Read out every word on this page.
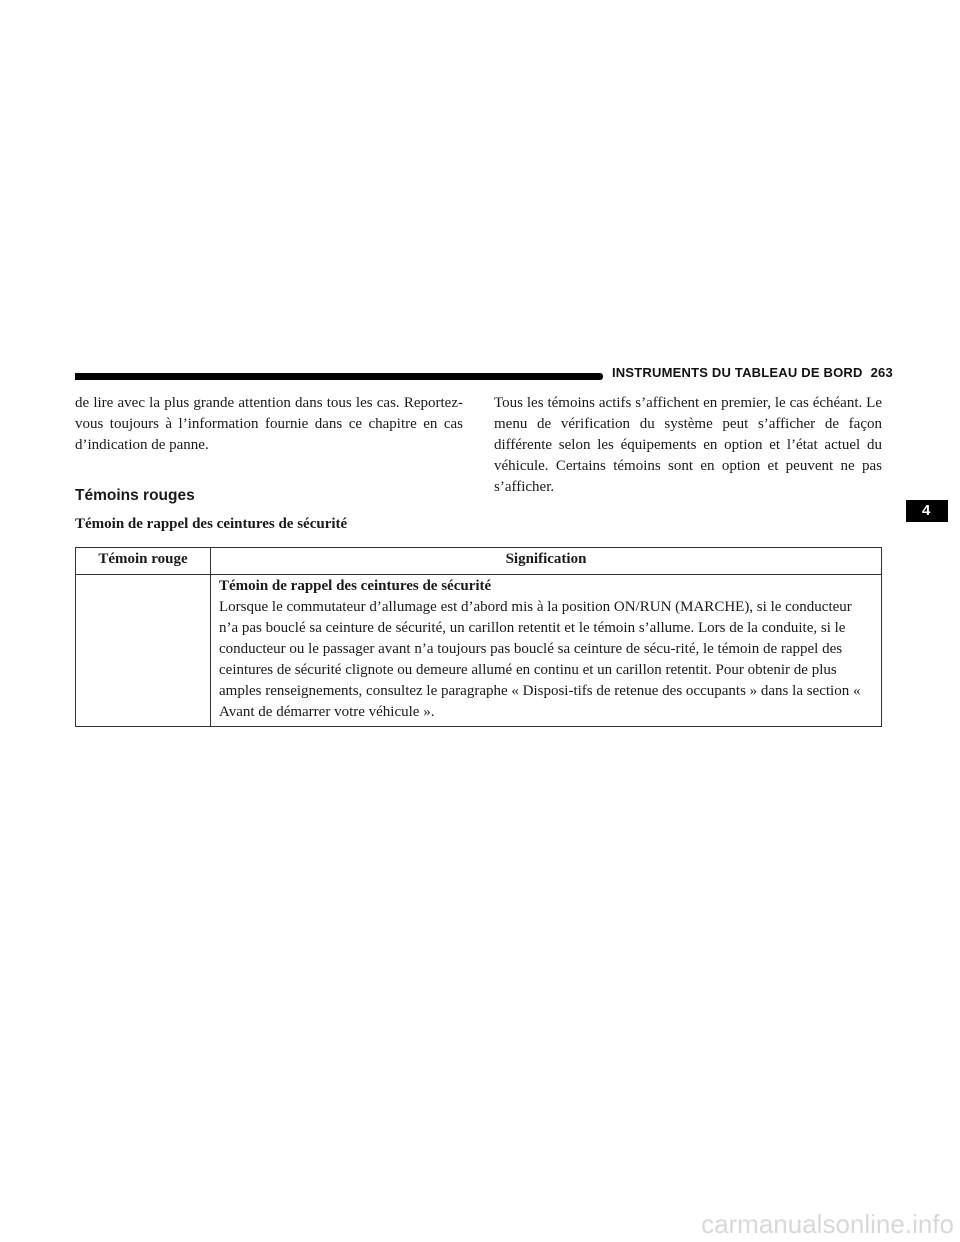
INSTRUMENTS DU TABLEAU DE BORD 263
4

de lire avec la plus grande attention dans tous les cas. Reportez-vous toujours à l’information fournie dans ce chapitre en cas d’indication de panne.

Tous les témoins actifs s’affichent en premier, le cas échéant. Le menu de vérification du système peut s’afficher de façon différente selon les équipements en option et l’état actuel du véhicule. Certains témoins sont en option et peuvent ne pas s’afficher.

Témoins rouges
Témoin de rappel des ceintures de sécurité
Témoin rouge	Signification

	Témoin de rappel des ceintures de sécurité
Lorsque le commutateur d’allumage est d’abord mis à la position ON/RUN (MARCHE), si le conducteur n’a pas bouclé sa ceinture de sécurité, un carillon retentit et le témoin s’allume. Lors de la conduite, si le conducteur ou le passager avant n’a toujours pas bouclé sa ceinture de sécu-rité, le témoin de rappel des ceintures de sécurité clignote ou demeure allumé en continu et un carillon retentit. Pour obtenir de plus amples renseignements, consultez le paragraphe « Disposi-tifs de retenue des occupants » dans la section « Avant de démarrer votre véhicule ».
carmanualsonline.info
